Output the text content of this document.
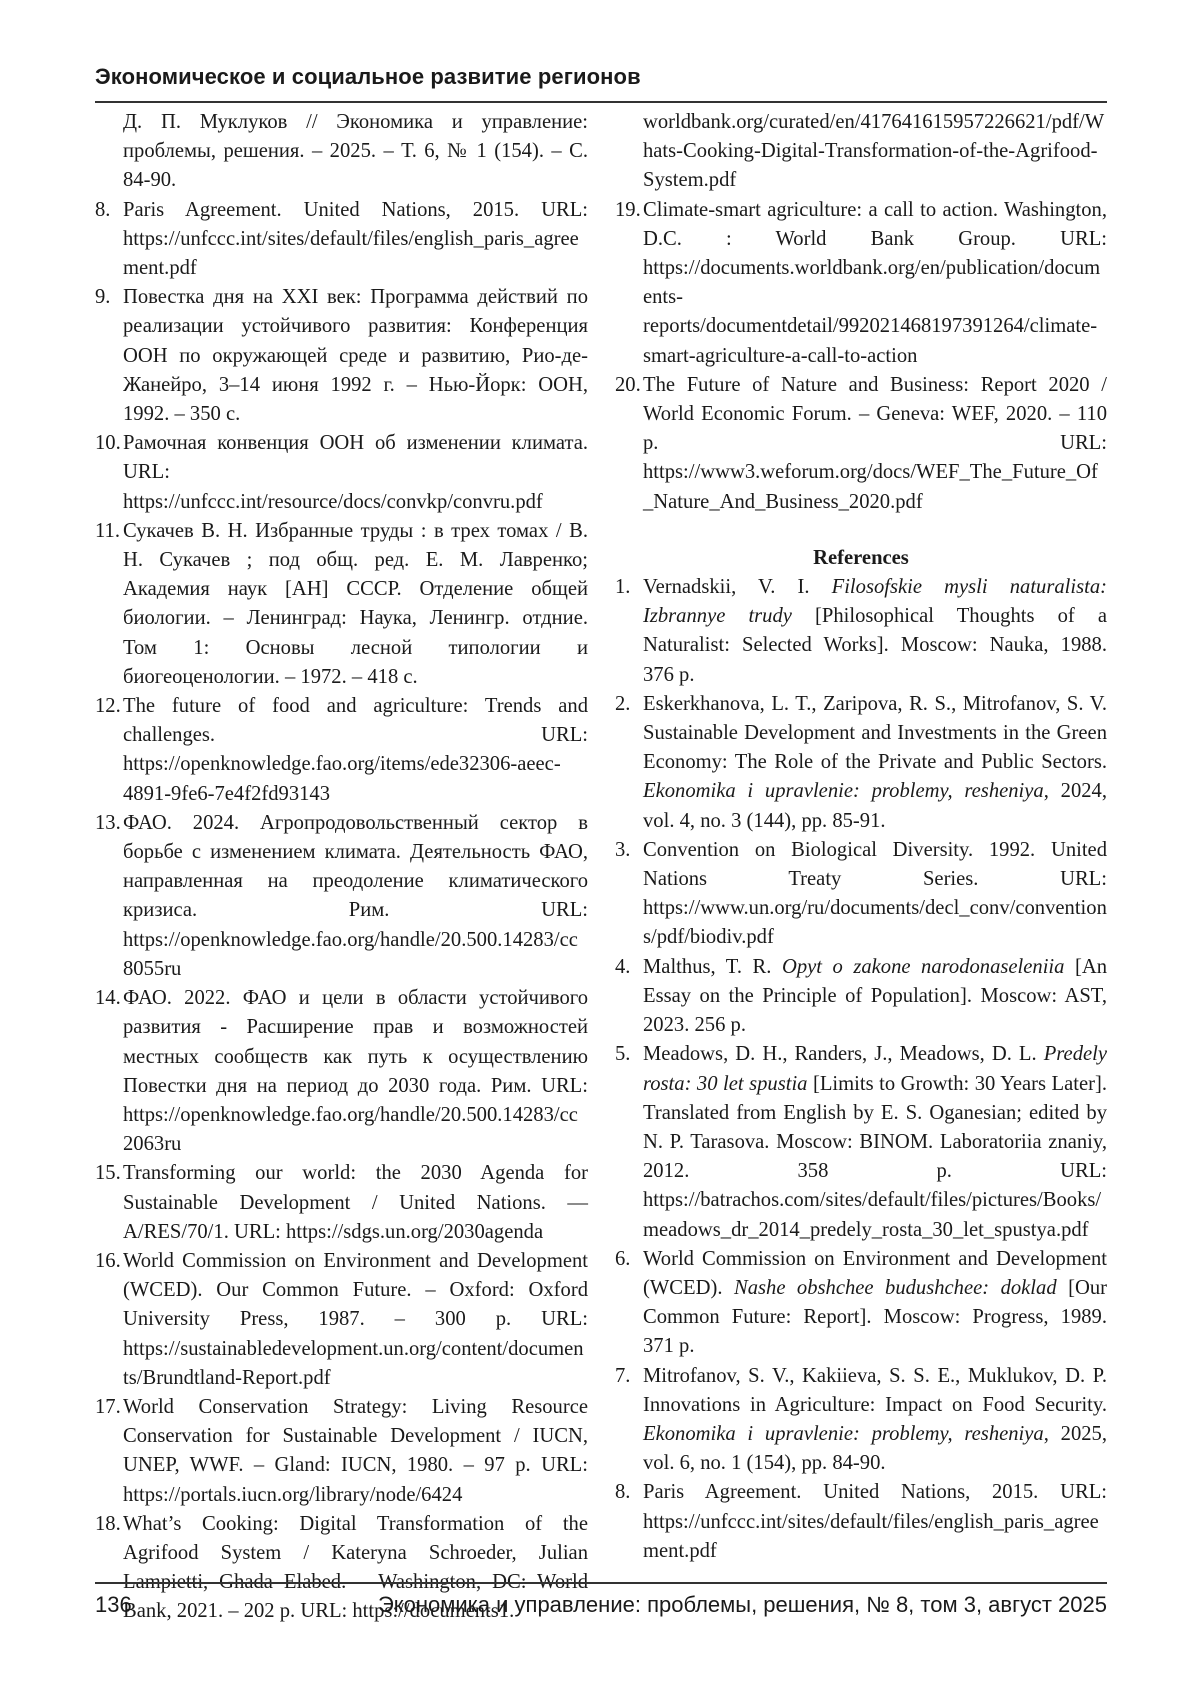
Экономическое и социальное развитие регионов
Д. П. Муклуков // Экономика и управление: проблемы, решения. – 2025. – Т. 6, № 1 (154). – С. 84-90.
8. Paris Agreement. United Nations, 2015. URL: https://unfccc.int/sites/default/files/english_paris_agreement.pdf
9. Повестка дня на XXI век: Программа действий по реализации устойчивого развития: Конференция ООН по окружающей среде и развитию, Рио-де-Жанейро, 3–14 июня 1992 г. – Нью-Йорк: ООН, 1992. – 350 с.
10. Рамочная конвенция ООН об изменении климата. URL: https://unfccc.int/resource/docs/convkp/convru.pdf
11. Сукачев В. Н. Избранные труды : в трех томах / В. Н. Сукачев ; под общ. ред. Е. М. Лавренко; Академия наук [АН] СССР. Отделение общей биологии. – Ленинград: Наука, Ленингр. отдние. Том 1: Основы лесной типологии и биогеоценологии. – 1972. – 418 с.
12. The future of food and agriculture: Trends and challenges. URL: https://openknowledge.fao.org/items/ede32306-aeec-4891-9fe6-7e4f2fd93143
13. ФАО. 2024. Агропродовольственный сектор в борьбе с изменением климата. Деятельность ФАО, направленная на преодоление климатического кризиса. Рим. URL: https://openknowledge.fao.org/handle/20.500.14283/cc8055ru
14. ФАО. 2022. ФАО и цели в области устойчивого развития - Расширение прав и возможностей местных сообществ как путь к осуществлению Повестки дня на период до 2030 года. Рим. URL: https://openknowledge.fao.org/handle/20.500.14283/cc2063ru
15. Transforming our world: the 2030 Agenda for Sustainable Development / United Nations. — A/RES/70/1. URL: https://sdgs.un.org/2030agenda
16. World Commission on Environment and Development (WCED). Our Common Future. – Oxford: Oxford University Press, 1987. – 300 p. URL: https://sustainabledevelopment.un.org/content/documents/Brundtland-Report.pdf
17. World Conservation Strategy: Living Resource Conservation for Sustainable Development / IUCN, UNEP, WWF. – Gland: IUCN, 1980. – 97 p. URL: https://portals.iucn.org/library/node/6424
18. What’s Cooking: Digital Transformation of the Agrifood System / Kateryna Schroeder, Julian Lampietti, Ghada Elabed. – Washington, DC: World Bank, 2021. – 202 p. URL: https://documents1.
worldbank.org/curated/en/417641615957226621/pdf/Whats-Cooking-Digital-Transformation-of-the-Agrifood-System.pdf
19. Climate-smart agriculture: a call to action. Washington, D.C. : World Bank Group. URL: https://documents.worldbank.org/en/publication/documents-reports/documentdetail/992021468197391264/climate-smart-agriculture-a-call-to-action
20. The Future of Nature and Business: Report 2020 / World Economic Forum. – Geneva: WEF, 2020. – 110 p. URL: https://www3.weforum.org/docs/WEF_The_Future_Of_Nature_And_Business_2020.pdf
References
1. Vernadskii, V. I. Filosofskie mysli naturalista: Izbrannye trudy [Philosophical Thoughts of a Naturalist: Selected Works]. Moscow: Nauka, 1988. 376 p.
2. Eskerkhanova, L. T., Zaripova, R. S., Mitrofanov, S. V. Sustainable Development and Investments in the Green Economy: The Role of the Private and Public Sectors. Ekonomika i upravlenie: problemy, resheniya, 2024, vol. 4, no. 3 (144), pp. 85-91.
3. Convention on Biological Diversity. 1992. United Nations Treaty Series. URL: https://www.un.org/ru/documents/decl_conv/conventions/pdf/biodiv.pdf
4. Malthus, T. R. Opyt o zakone narodonaseleniia [An Essay on the Principle of Population]. Moscow: AST, 2023. 256 p.
5. Meadows, D. H., Randers, J., Meadows, D. L. Predely rosta: 30 let spustia [Limits to Growth: 30 Years Later]. Translated from English by E. S. Oganesian; edited by N. P. Tarasova. Moscow: BINOM. Laboratoriia znaniy, 2012. 358 p. URL: https://batrachos.com/sites/default/files/pictures/Books/meadows_dr_2014_predely_rosta_30_let_spustya.pdf
6. World Commission on Environment and Development (WCED). Nashe obshchee budushchee: doklad [Our Common Future: Report]. Moscow: Progress, 1989. 371 p.
7. Mitrofanov, S. V., Kakiieva, S. S. E., Muklukov, D. P. Innovations in Agriculture: Impact on Food Security. Ekonomika i upravlenie: problemy, resheniya, 2025, vol. 6, no. 1 (154), pp. 84-90.
8. Paris Agreement. United Nations, 2015. URL: https://unfccc.int/sites/default/files/english_paris_agreement.pdf
136	Экономика и управление: проблемы, решения, № 8, том 3, август 2025
